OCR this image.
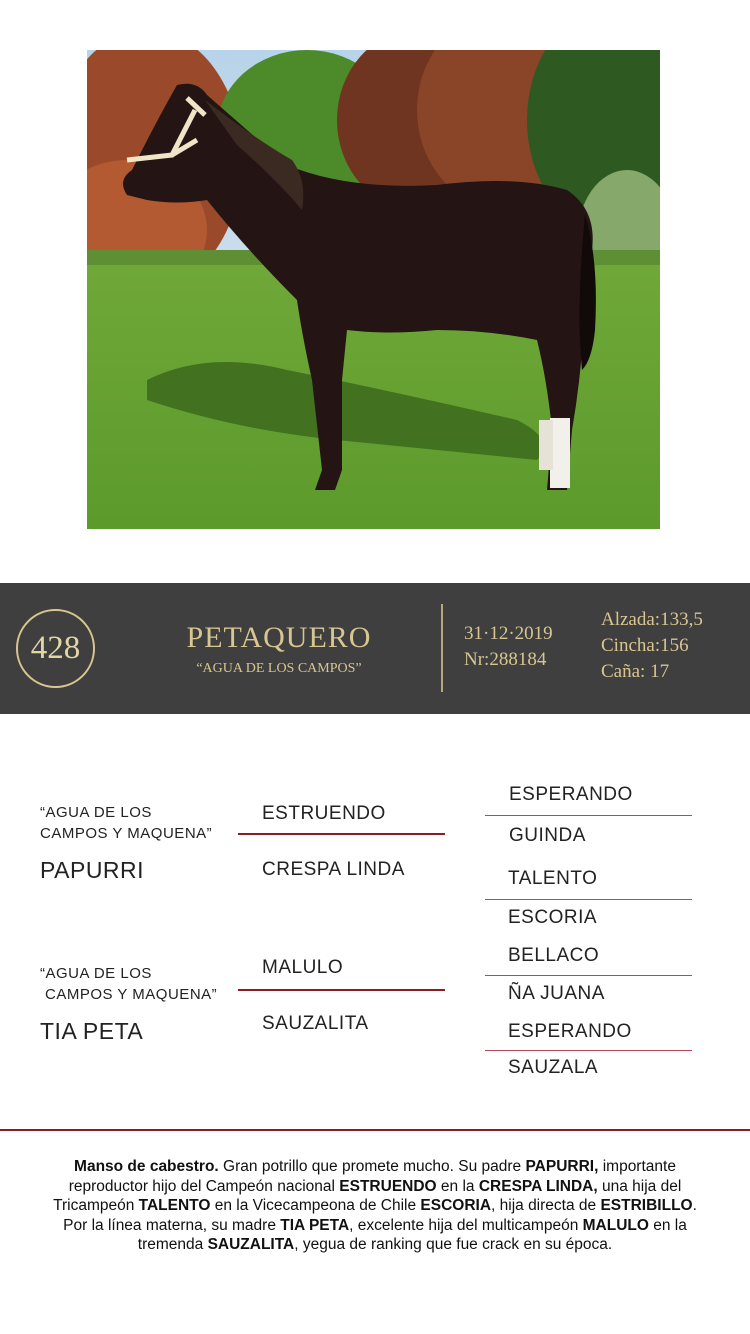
428	PETAQUERO
“AGUA DE LOS CAMPOS”
31·12·2019
Nr:288184
Alzada:133,5
Cincha:156
Caña: 17
“AGUA DE LOS
CAMPOS Y MAQUENA”
PAPURRI
ESTRUENDO
CRESPA LINDA
“AGUA DE LOS
CAMPOS Y MAQUENA”
TIA PETA
MALULO
SAUZALITA
ESPERANDO
GUINDA
TALENTO
ESCORIA
BELLACO
ÑA JUANA
ESPERANDO
SAUZALA
Manso de cabestro. Gran potrillo que promete mucho. Su padre PAPURRI, importante reproductor hijo del Campeón nacional ESTRUENDO en la CRESPA LINDA, una hija del Tricampeón TALENTO en la Vicecampeona de Chile ESCORIA, hija directa de ESTRIBILLO. Por la línea materna, su madre TIA PETA, excelente hija del multicampeón MALULO en la tremenda SAUZALITA, yegua de ranking que fue crack en su época.
